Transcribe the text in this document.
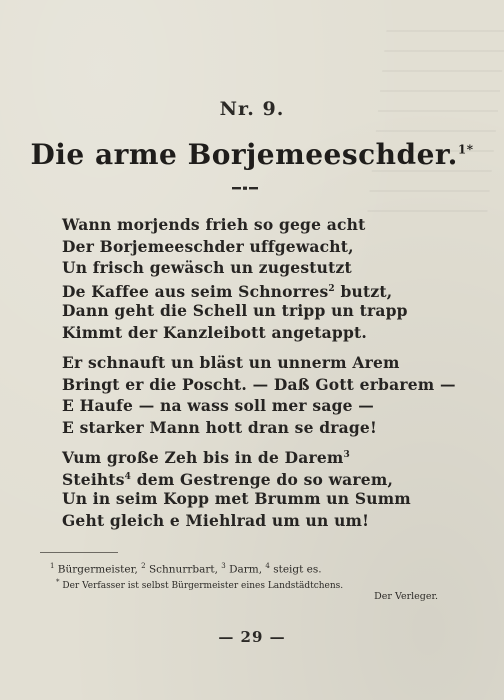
Nr. 9.
Die arme Borjemeeschder.$^{1*}$
Wann morjends frieh so gege acht
Der Borjemeeschder uffgewacht,
Un frisch gewäsch un zugestutzt
De Kaffee aus seim Schnorres$^2$ butzt,
Dann geht die Schell un tripp un trapp
Kimmt der Kanzleibott angetappt.
Er schnauft un bläst un unnerm Arem
Bringt er die Poscht. — Daß Gott erbarem —
E Haufe — na wass soll mer sage —
E starker Mann hott dran se drage!
Vum große Zeh bis in de Darem$^3$
Steihts$^4$ dem Gestrenge do so warem,
Un in seim Kopp met Brumm un Summ
Geht gleich e Miehlrad um un um!
$^1$ Bürgermeister, $^2$ Schnurrbart, $^3$ Darm, $^4$ steigt es.
* Der Verfasser ist selbst Bürgermeister eines Landstädtchens.
Der Verleger.
— 29 —
